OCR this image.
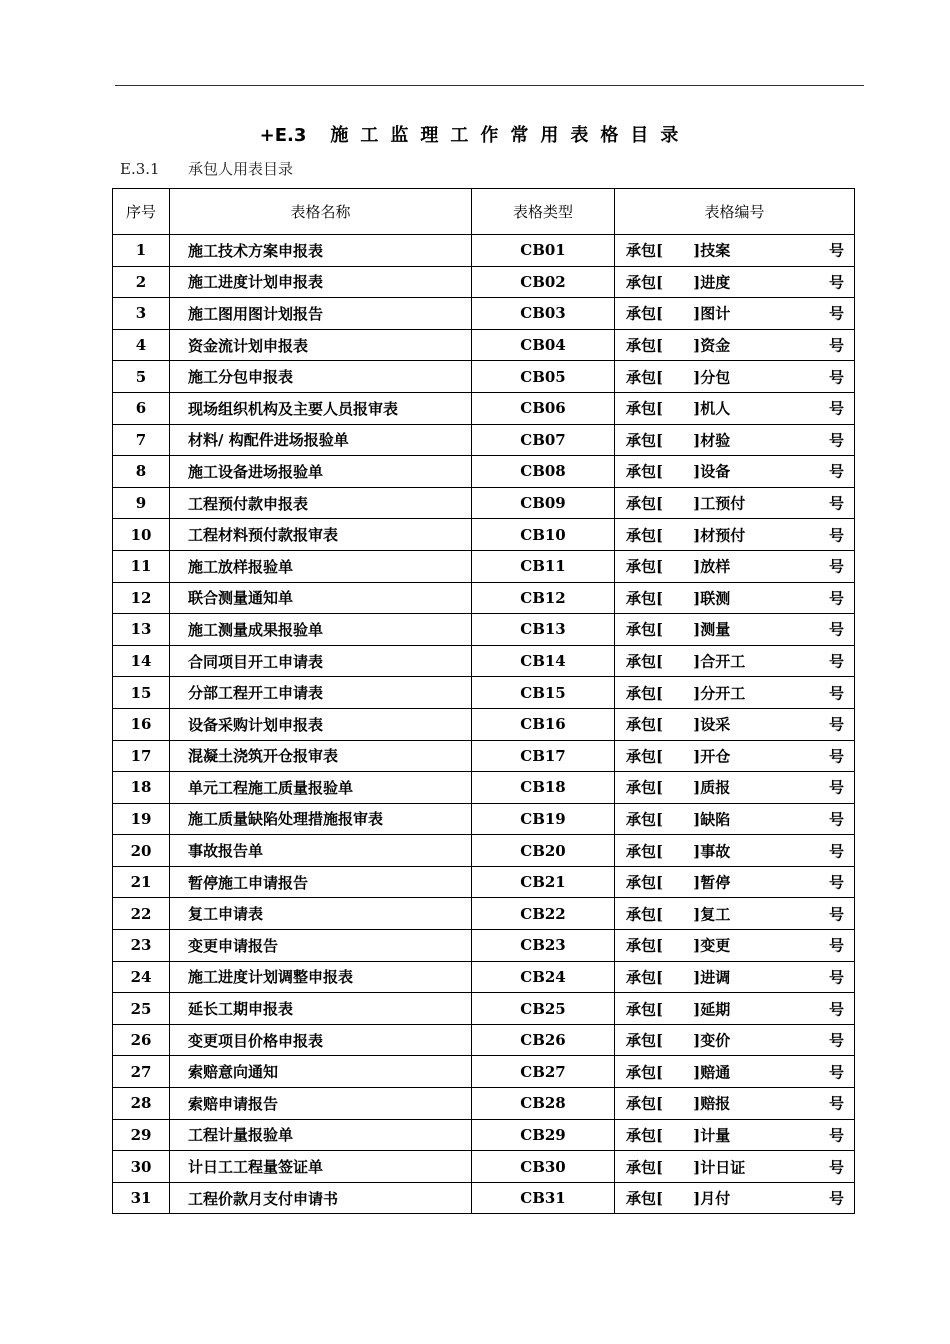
+E.3 施工监理工作常用表格目录
E.3.1 承包人用表目录
序号	表格名称	表格类型	表格编号
1	施工技术方案申报表	CB01	承包[ ]技案 号

2	施工进度计划申报表	CB02	承包[ ]进度 号

3	施工图用图计划报告	CB03	承包[ ]图计 号

4	资金流计划申报表	CB04	承包[ ]资金 号

5	施工分包申报表	CB05	承包[ ]分包 号

6	现场组织机构及主要人员报审表	CB06	承包[ ]机人 号

7	材料/ 构配件进场报验单	CB07	承包[ ]材验 号

8	施工设备进场报验单	CB08	承包[ ]设备 号

9	工程预付款申报表	CB09	承包[ ]工预付 号

10	工程材料预付款报审表	CB10	承包[ ]材预付 号

11	施工放样报验单	CB11	承包[ ]放样 号

12	联合测量通知单	CB12	承包[ ]联测 号

13	施工测量成果报验单	CB13	承包[ ]测量 号

14	合同项目开工申请表	CB14	承包[ ]合开工 号

15	分部工程开工申请表	CB15	承包[ ]分开工 号

16	设备采购计划申报表	CB16	承包[ ]设采 号

17	混凝土浇筑开仓报审表	CB17	承包[ ]开仓 号

18	单元工程施工质量报验单	CB18	承包[ ]质报 号

19	施工质量缺陷处理措施报审表	CB19	承包[ ]缺陷 号

20	事故报告单	CB20	承包[ ]事故 号

21	暂停施工申请报告	CB21	承包[ ]暂停 号

22	复工申请表	CB22	承包[ ]复工 号

23	变更申请报告	CB23	承包[ ]变更 号

24	施工进度计划调整申报表	CB24	承包[ ]进调 号

25	延长工期申报表	CB25	承包[ ]延期 号

26	变更项目价格申报表	CB26	承包[ ]变价 号

27	索赔意向通知	CB27	承包[ ]赔通 号

28	索赔申请报告	CB28	承包[ ]赔报 号

29	工程计量报验单	CB29	承包[ ]计量 号

30	计日工工程量签证单	CB30	承包[ ]计日证 号

31	工程价款月支付申请书	CB31	承包[ ]月付 号
